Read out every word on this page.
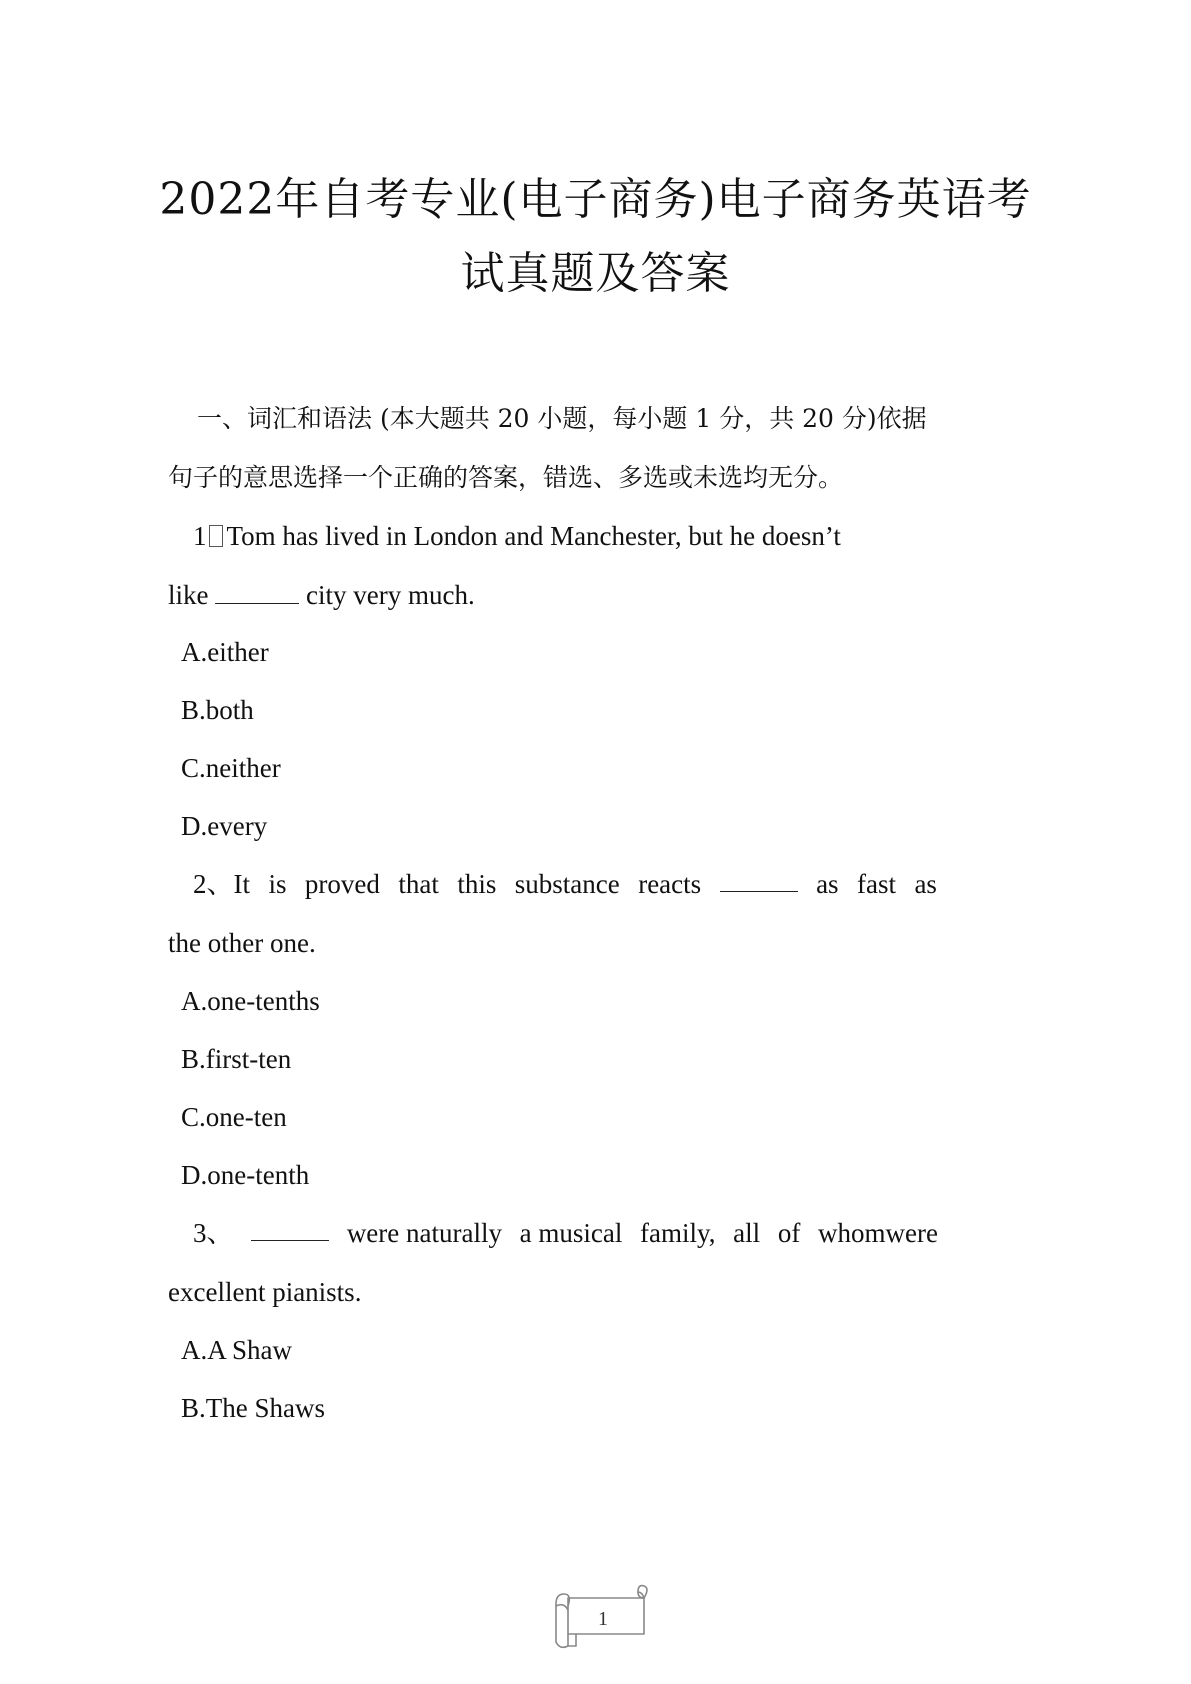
2022年自考专业(电子商务)电子商务英语考
试真题及答案
一、词汇和语法 (本大题共 20 小题，每小题 1 分，共 20 分)依据
句子的意思选择一个正确的答案，错选、多选或未选均无分。
1 Tom has lived in London and Manchester, but he doesn’t
like	city very much.
A.either
B.both
C.neither
D.every
2、It is proved that this substance reacts	as fast as
the other one.
A.one-tenths
B.first-ten
C.one-ten
D.one-tenth
3、	were naturally a musical family, all of whomwere
excellent pianists.
A.A Shaw
B.The Shaws
1
